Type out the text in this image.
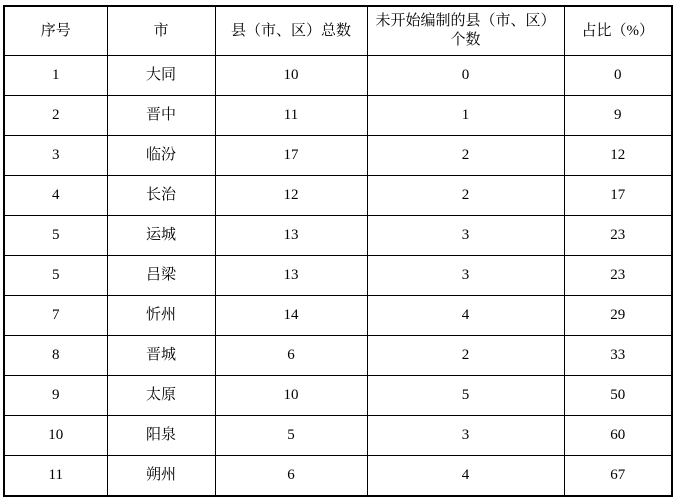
序号	市	县（市、区）总数	未开始编制的县（市、区）个数	占比（%）
1	大同	10	0	0
2	晋中	11	1	9
3	临汾	17	2	12
4	长治	12	2	17
5	运城	13	3	23
5	吕梁	13	3	23
7	忻州	14	4	29
8	晋城	6	2	33
9	太原	10	5	50
10	阳泉	5	3	60
11	朔州	6	4	67
